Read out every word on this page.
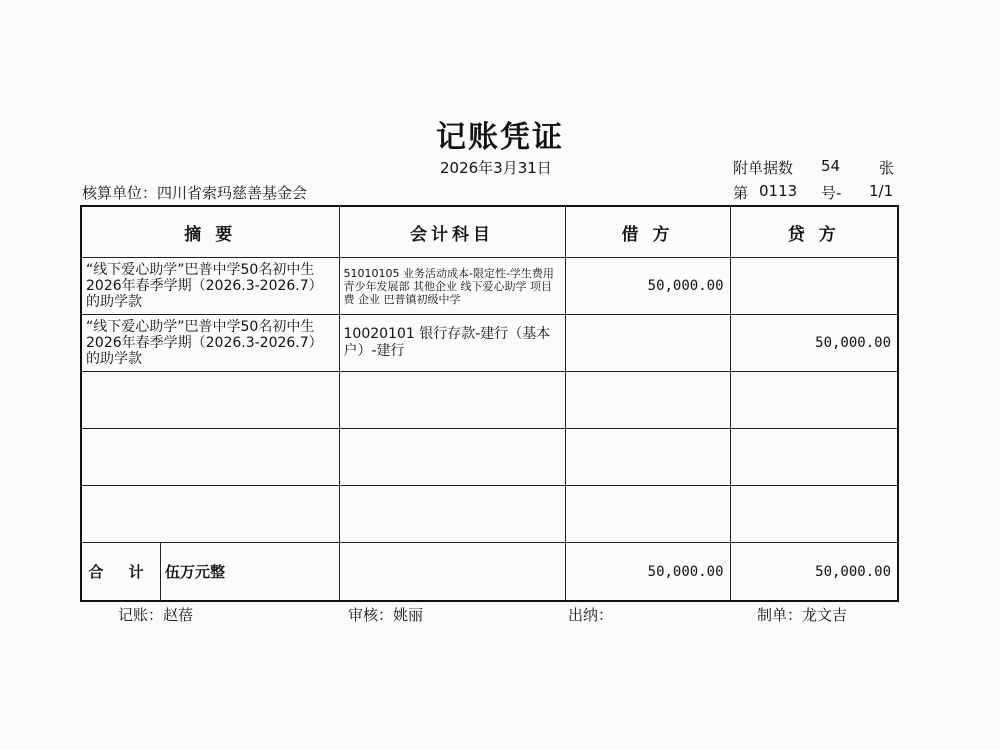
记账凭证
2026年3月31日	附单据数 54	张
核算单位：四川省索玛慈善基金会	第 0113 号- 1/1
摘 要	会计科目	借 方	贷 方
“线下爱心助学”巴普中学50名初中生2026年春季学期（2026.3-2026.7）的助学款	51010105 业务活动成本-限定性-学生费用 青少年发展部 其他企业 线下爱心助学 项目费 企业 巴普镇初级中学	50,000.00	
“线下爱心助学”巴普中学50名初中生2026年春季学期（2026.3-2026.7）的助学款	10020101 银行存款-建行（基本户）-建行		50,000.00

合 计 伍万元整		50,000.00	50,000.00
记账：赵蓓	审核：姚丽	出纳：	制单：龙文吉
